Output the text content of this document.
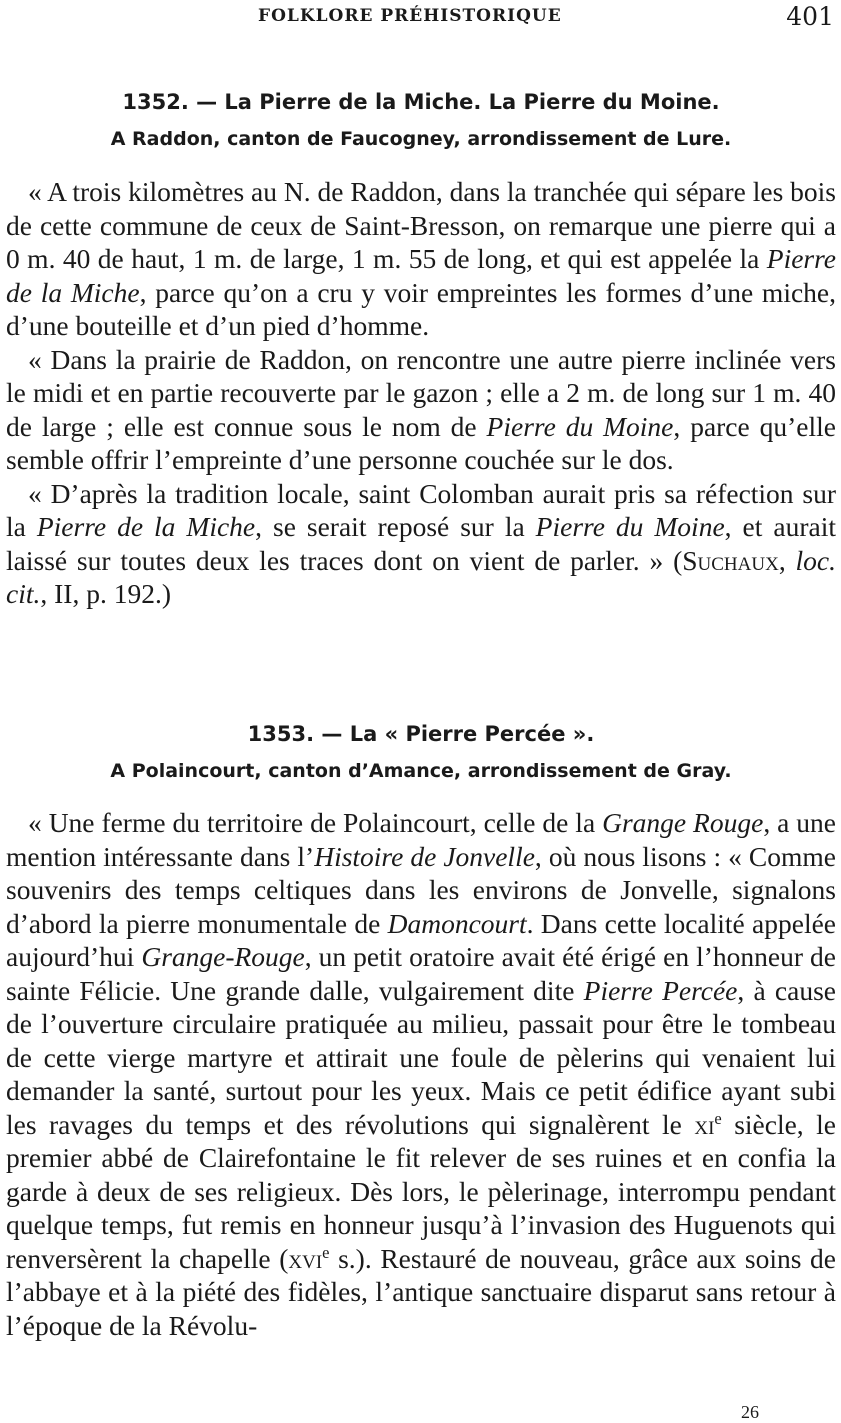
FOLKLORE PRÉHISTORIQUE	401
1352. — La Pierre de la Miche. La Pierre du Moine.
A Raddon, canton de Faucogney, arrondissement de Lure.

« A trois kilomètres au N. de Raddon, dans la tranchée qui sépare les bois de cette commune de ceux de Saint-Bresson, on remarque une pierre qui a 0 m. 40 de haut, 1 m. de large, 1 m. 55 de long, et qui est appelée la Pierre de la Miche, parce qu’on a cru y voir empreintes les formes d’une miche, d’une bouteille et d’un pied d’homme.

« Dans la prairie de Raddon, on rencontre une autre pierre inclinée vers le midi et en partie recouverte par le gazon ; elle a 2 m. de long sur 1 m. 40 de large ; elle est connue sous le nom de Pierre du Moine, parce qu’elle semble offrir l’empreinte d’une personne couchée sur le dos.

« D’après la tradition locale, saint Colomban aurait pris sa réfection sur la Pierre de la Miche, se serait reposé sur la Pierre du Moine, et aurait laissé sur toutes deux les traces dont on vient de parler. » (Suchaux, loc. cit., II, p. 192.)

1353. — La « Pierre Percée ».
A Polaincourt, canton d’Amance, arrondissement de Gray.

« Une ferme du territoire de Polaincourt, celle de la Grange Rouge, a une mention intéressante dans l’Histoire de Jonvelle, où nous lisons : « Comme souvenirs des temps celtiques dans les environs de Jonvelle, signalons d’abord la pierre monumentale de Damoncourt. Dans cette localité appelée aujourd’hui Grange-Rouge, un petit oratoire avait été érigé en l’honneur de sainte Félicie. Une grande dalle, vulgairement dite Pierre Percée, à cause de l’ouverture circulaire pratiquée au milieu, passait pour être le tombeau de cette vierge martyre et attirait une foule de pèlerins qui venaient lui demander la santé, surtout pour les yeux. Mais ce petit édifice ayant subi les ravages du temps et des révolutions qui signalèrent le $xi^e$ siècle, le premier abbé de Clairefontaine le fit relever de ses ruines et en confia la garde à deux de ses religieux. Dès lors, le pèlerinage, interrompu pendant quelque temps, fut remis en honneur jusqu’à l’invasion des Huguenots qui renversèrent la chapelle (xvi$^e$ s.). Restauré de nouveau, grâce aux soins de l’abbaye et à la piété des fidèles, l’antique sanctuaire disparut sans retour à l’époque de la Révolu-

26
